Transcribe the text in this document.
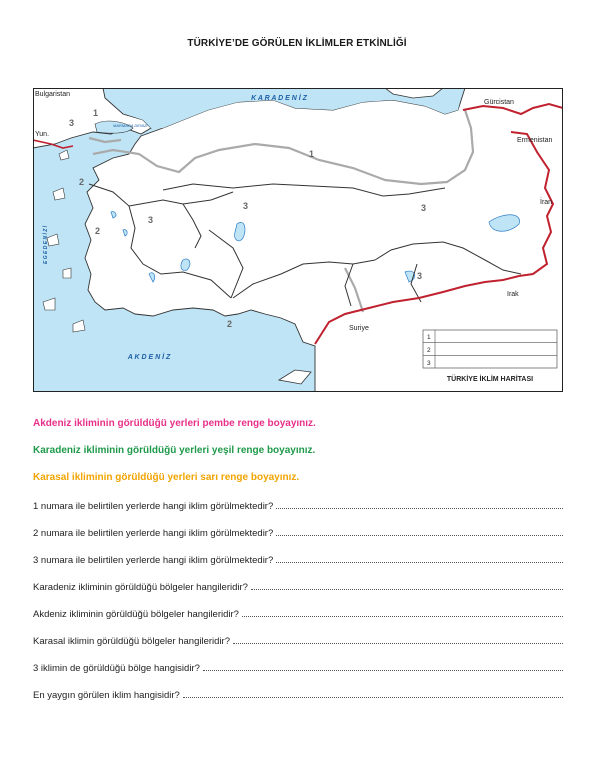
TÜRKİYE’DE GÖRÜLEN İKLİMLER ETKİNLİĞİ
K A R A D E N İ Z
MARMARA DENİZİ
E G E D E N İ Z İ
A K D E N İ Z
Bulgaristan
Yun.
Gürcistan
Ermenistan
İran
Irak
Suriye
3
1
1
2
2
3
3	3
3
2
1
2
3
TÜRKİYE İKLİM HARİTASI
Akdeniz ikliminin görüldüğü yerleri pembe renge boyayınız.
Karadeniz ikliminin görüldüğü yerleri yeşil renge boyayınız.
Karasal ikliminin görüldüğü yerleri sarı renge boyayınız.
1 numara ile belirtilen yerlerde hangi iklim görülmektedir?
2 numara ile belirtilen yerlerde hangi iklim görülmektedir?
3 numara ile belirtilen yerlerde hangi iklim görülmektedir?
Karadeniz ikliminin görüldüğü bölgeler hangileridir?
Akdeniz ikliminin görüldüğü bölgeler hangileridir?
Karasal iklimin görüldüğü bölgeler hangileridir?
3 iklimin de görüldüğü bölge hangisidir?
En yaygın görülen iklim hangisidir?
